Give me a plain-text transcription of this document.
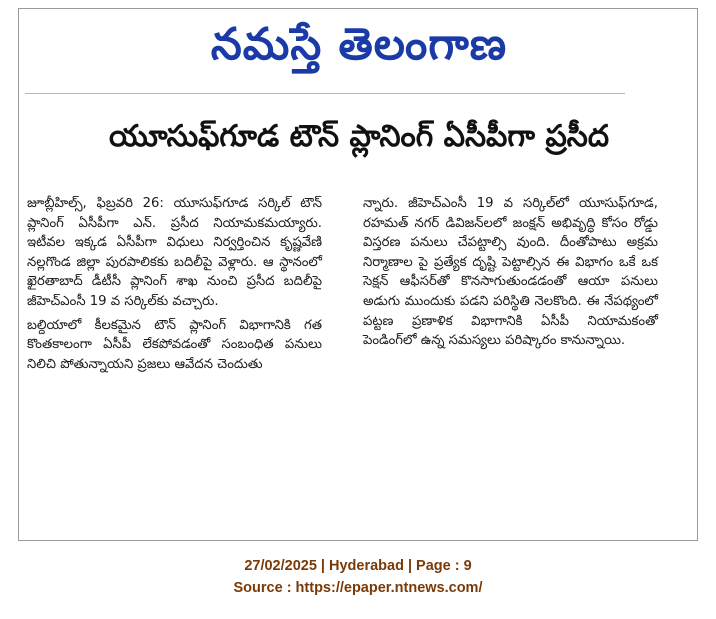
నమస్తే తెలంగాణ
యూసుఫ్‌గూడ టౌన్ ప్లానింగ్ ఏసీపీగా ప్రసీద

జూబ్లీహిల్స్, ఫిబ్రవరి 26: యూసుఫ్‌గూడ సర్కిల్ టౌన్ ప్లానింగ్ ఏసీపీగా ఎన్. ప్రసీద నియామకమయ్యారు. ఇటీవల ఇక్కడ ఏసీపీగా విధులు నిర్వర్తించిన కృష్ణవేణి నల్లగొండ జిల్లా పురపాలికకు బదిలీపై వెళ్లారు. ఆ స్థానంలో ఖైరతాబాద్ డీటీసీ ప్లానింగ్ శాఖ నుంచి ప్రసీద బదిలీపై జీహెచ్ఎంసీ 19 వ సర్కిల్‌కు వచ్చారు.

బల్దియాలో కీలకమైన టౌన్ ప్లానింగ్ విభాగానికి గత కొంతకాలంగా ఏసీపీ లేకపోవడంతో సంబంధిత పనులు నిలిచి పోతున్నాయని ప్రజలు ఆవేదన చెందుతు

న్నారు. జీహెచ్ఎంసీ 19 వ సర్కిల్‌లో యూసుఫ్‌గూడ, రహమత్ నగర్ డివిజన్‌లలో జంక్షన్ అభివృద్ధి కోసం రోడ్డు విస్తరణ పనులు చేపట్టాల్సి వుంది. దీంతోపాటు అక్రమ నిర్మాణాల పై ప్రత్యేక దృష్టి పెట్టాల్సిన ఈ విభాగం ఒకే ఒక సెక్షన్ ఆఫీసర్‌తో కొనసాగుతుండడంతో ఆయా పనులు అడుగు ముందుకు పడని పరిస్థితి నెలకొంది. ఈ నేపథ్యంలో పట్టణ ప్రణాళిక విభాగానికి ఏసీపీ నియామకంతో పెండింగ్‌లో ఉన్న సమస్యలు పరిష్కారం కానున్నాయి.

27/02/2025 | Hyderabad | Page : 9
Source : https://epaper.ntnews.com/
